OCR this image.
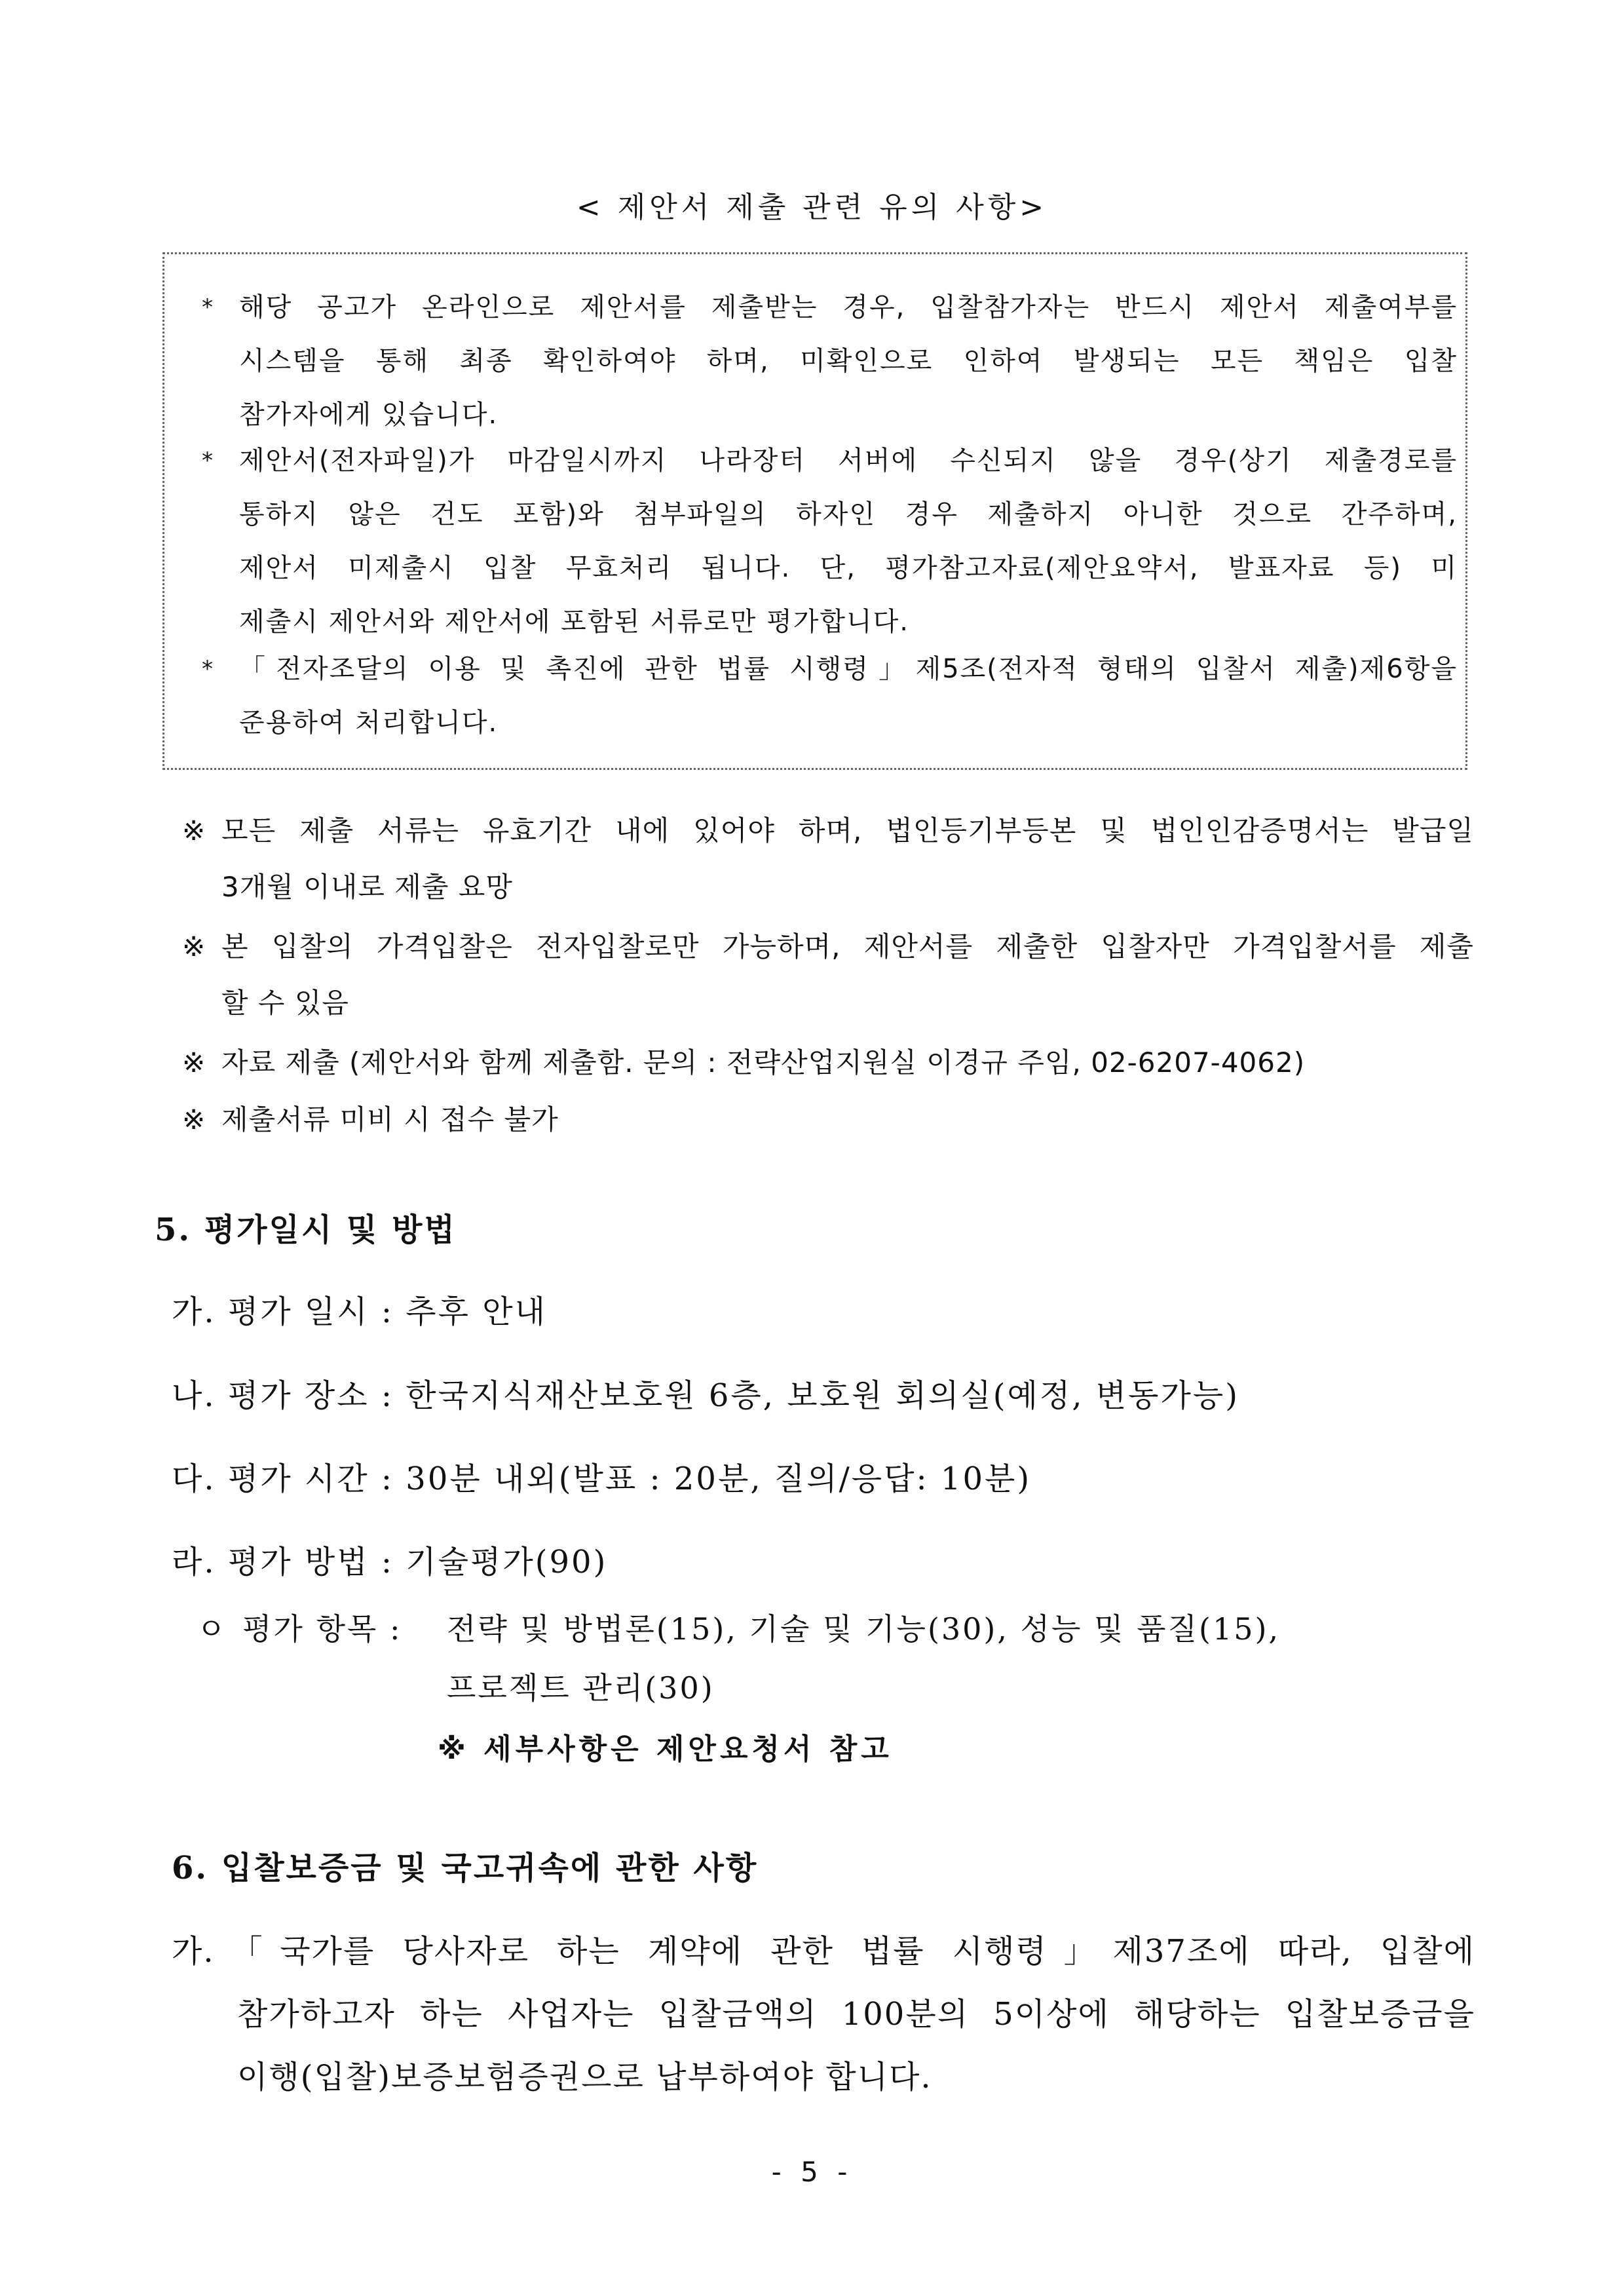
< 제안서 제출 관련 유의 사항>
* 해당 공고가 온라인으로 제안서를 제출받는 경우, 입찰참가자는 반드시 제안서 제출여부를
시스템을 통해 최종 확인하여야 하며, 미확인으로 인하여 발생되는 모든 책임은 입찰
참가자에게 있습니다.
* 제안서(전자파일)가 마감일시까지 나라장터 서버에 수신되지 않을 경우(상기 제출경로를
통하지 않은 건도 포함)와 첨부파일의 하자인 경우 제출하지 아니한 것으로 간주하며,
제안서 미제출시 입찰 무효처리 됩니다. 단, 평가참고자료(제안요약서, 발표자료 등) 미
제출시 제안서와 제안서에 포함된 서류로만 평가합니다.
* 「전자조달의 이용 및 촉진에 관한 법률 시행령」제5조(전자적 형태의 입찰서 제출)제6항을
준용하여 처리합니다.
※ 모든 제출 서류는 유효기간 내에 있어야 하며, 법인등기부등본 및 법인인감증명서는 발급일
3개월 이내로 제출 요망
※ 본 입찰의 가격입찰은 전자입찰로만 가능하며, 제안서를 제출한 입찰자만 가격입찰서를 제출
할 수 있음
※ 자료 제출 (제안서와 함께 제출함. 문의 : 전략산업지원실 이경규 주임, 02-6207-4062)
※ 제출서류 미비 시 접수 불가
5. 평가일시 및 방법
가. 평가 일시 : 추후 안내
나. 평가 장소 : 한국지식재산보호원 6층, 보호원 회의실(예정, 변동가능)
다. 평가 시간 : 30분 내외(발표 : 20분, 질의/응답: 10분)
라. 평가 방법 : 기술평가(90)
ㅇ 평가 항목 : 전략 및 방법론(15), 기술 및 기능(30), 성능 및 품질(15),
프로젝트 관리(30)
※ 세부사항은 제안요청서 참고
6. 입찰보증금 및 국고귀속에 관한 사항
가.「국가를 당사자로 하는 계약에 관한 법률 시행령」제37조에 따라, 입찰에
참가하고자 하는 사업자는 입찰금액의 100분의 5이상에 해당하는 입찰보증금을
이행(입찰)보증보험증권으로 납부하여야 합니다.
- 5 -
